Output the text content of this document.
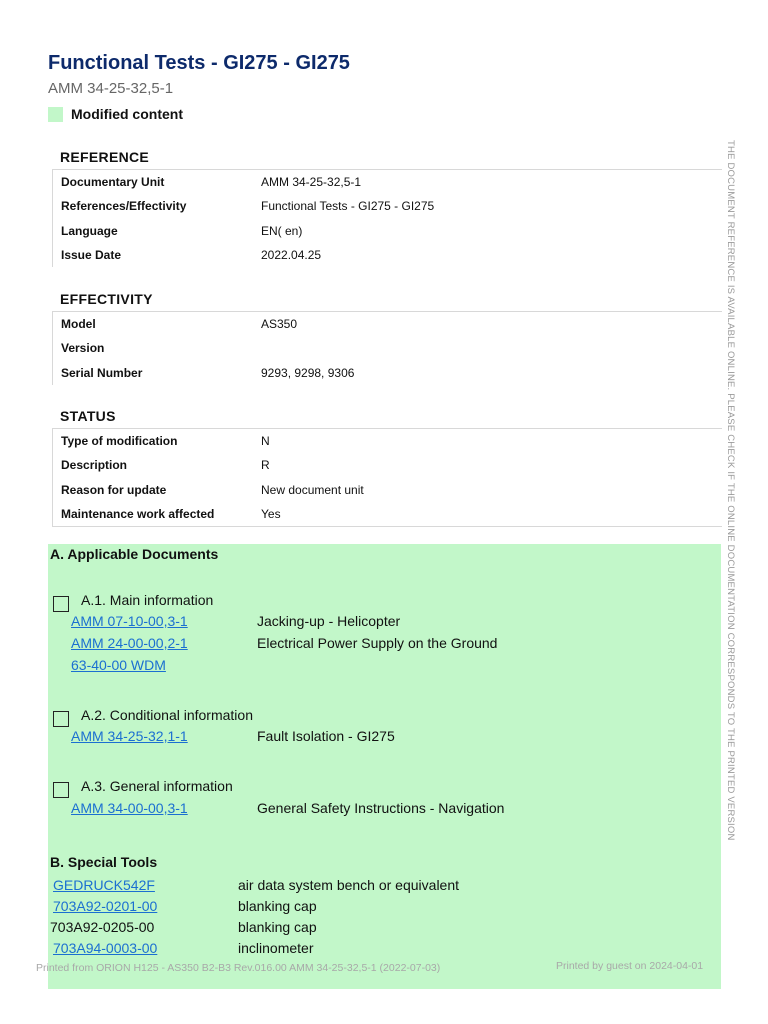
Functional Tests - GI275 - GI275
AMM 34-25-32,5-1
Modified content
REFERENCE
Documentary Unit	AMM 34-25-32,5-1
References/Effectivity	Functional Tests - GI275 - GI275
Language	EN( en)
Issue Date	2022.04.25
EFFECTIVITY
Model	AS350
Version
Serial Number	9293, 9298, 9306
STATUS
Type of modification	N
Description	R
Reason for update	New document unit
Maintenance work affected	Yes
A. Applicable Documents
A.1. Main information
AMM 07-10-00,3-1	Jacking-up - Helicopter
AMM 24-00-00,2-1	Electrical Power Supply on the Ground
63-40-00 WDM
A.2. Conditional information
AMM 34-25-32,1-1	Fault Isolation - GI275
A.3. General information
AMM 34-00-00,3-1	General Safety Instructions - Navigation
B. Special Tools
GEDRUCK542F	air data system bench or equivalent
703A92-0201-00	blanking cap
703A92-0205-00	blanking cap
703A94-0003-00	inclinometer
THE DOCUMENT REFERENCE IS AVAILABLE ONLINE. PLEASE CHECK IF THE ONLINE DOCUMENTATION CORRESPONDS TO THE PRINTED VERSION
Printed from ORION H125 - AS350 B2-B3 Rev.016.00 AMM 34-25-32,5-1 (2022-07-03)	Printed by guest on 2024-04-01
